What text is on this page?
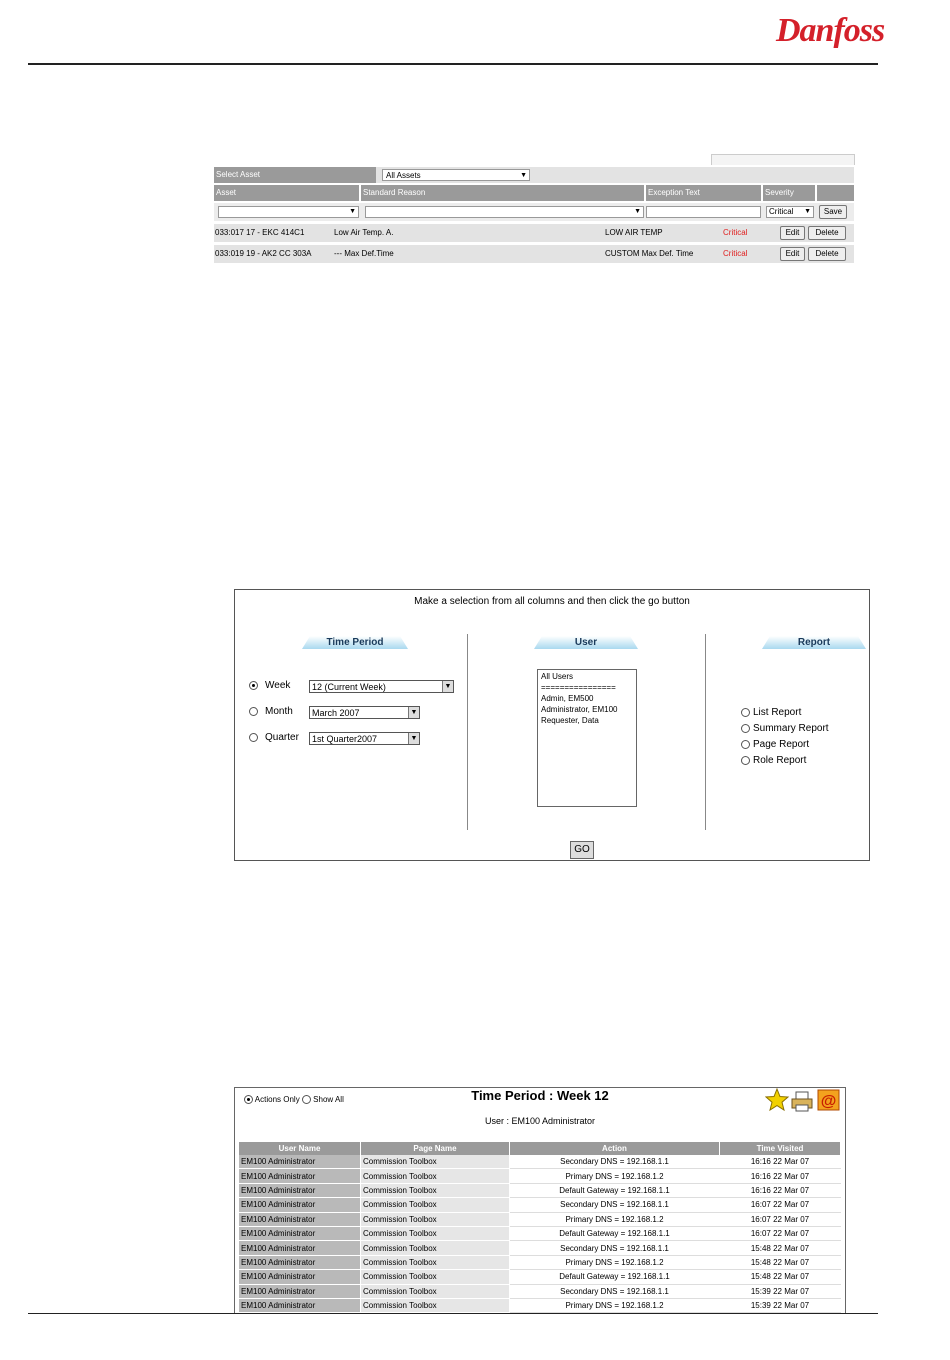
Danfoss
Select Asset	All Assets	▼
Asset	Standard Reason	Exception Text	Severity
▼	▼	Critical ▼	Save
033:017 17 - EKC 414C1	Low Air Temp. A.	LOW AIR TEMP	Critical	Edit	Delete
033:019 19 - AK2 CC 303A	--- Max Def.Time	CUSTOM Max Def. Time	Critical	Edit	Delete
Make a selection from all columns and then click the go button
Time Period	User	Report
Week	12 (Current Week)	▼
Month	March 2007	▼
Quarter	1st Quarter2007	▼
All Users
================
Admin, EM500
Administrator, EM100
Requester, Data
List Report
Summary Report
Page Report
Role Report
GO
Actions Only Show All	Time Period : Week 12
User : EM100 Administrator
@
User Name	Page Name	Action	Time Visited
EM100 Administrator	Commission Toolbox	Secondary DNS = 192.168.1.1	16:16 22 Mar 07
EM100 Administrator	Commission Toolbox	Primary DNS = 192.168.1.2	16:16 22 Mar 07
EM100 Administrator	Commission Toolbox	Default Gateway = 192.168.1.1	16:16 22 Mar 07
EM100 Administrator	Commission Toolbox	Secondary DNS = 192.168.1.1	16:07 22 Mar 07
EM100 Administrator	Commission Toolbox	Primary DNS = 192.168.1.2	16:07 22 Mar 07
EM100 Administrator	Commission Toolbox	Default Gateway = 192.168.1.1	16:07 22 Mar 07
EM100 Administrator	Commission Toolbox	Secondary DNS = 192.168.1.1	15:48 22 Mar 07
EM100 Administrator	Commission Toolbox	Primary DNS = 192.168.1.2	15:48 22 Mar 07
EM100 Administrator	Commission Toolbox	Default Gateway = 192.168.1.1	15:48 22 Mar 07
EM100 Administrator	Commission Toolbox	Secondary DNS = 192.168.1.1	15:39 22 Mar 07
EM100 Administrator	Commission Toolbox	Primary DNS = 192.168.1.2	15:39 22 Mar 07
